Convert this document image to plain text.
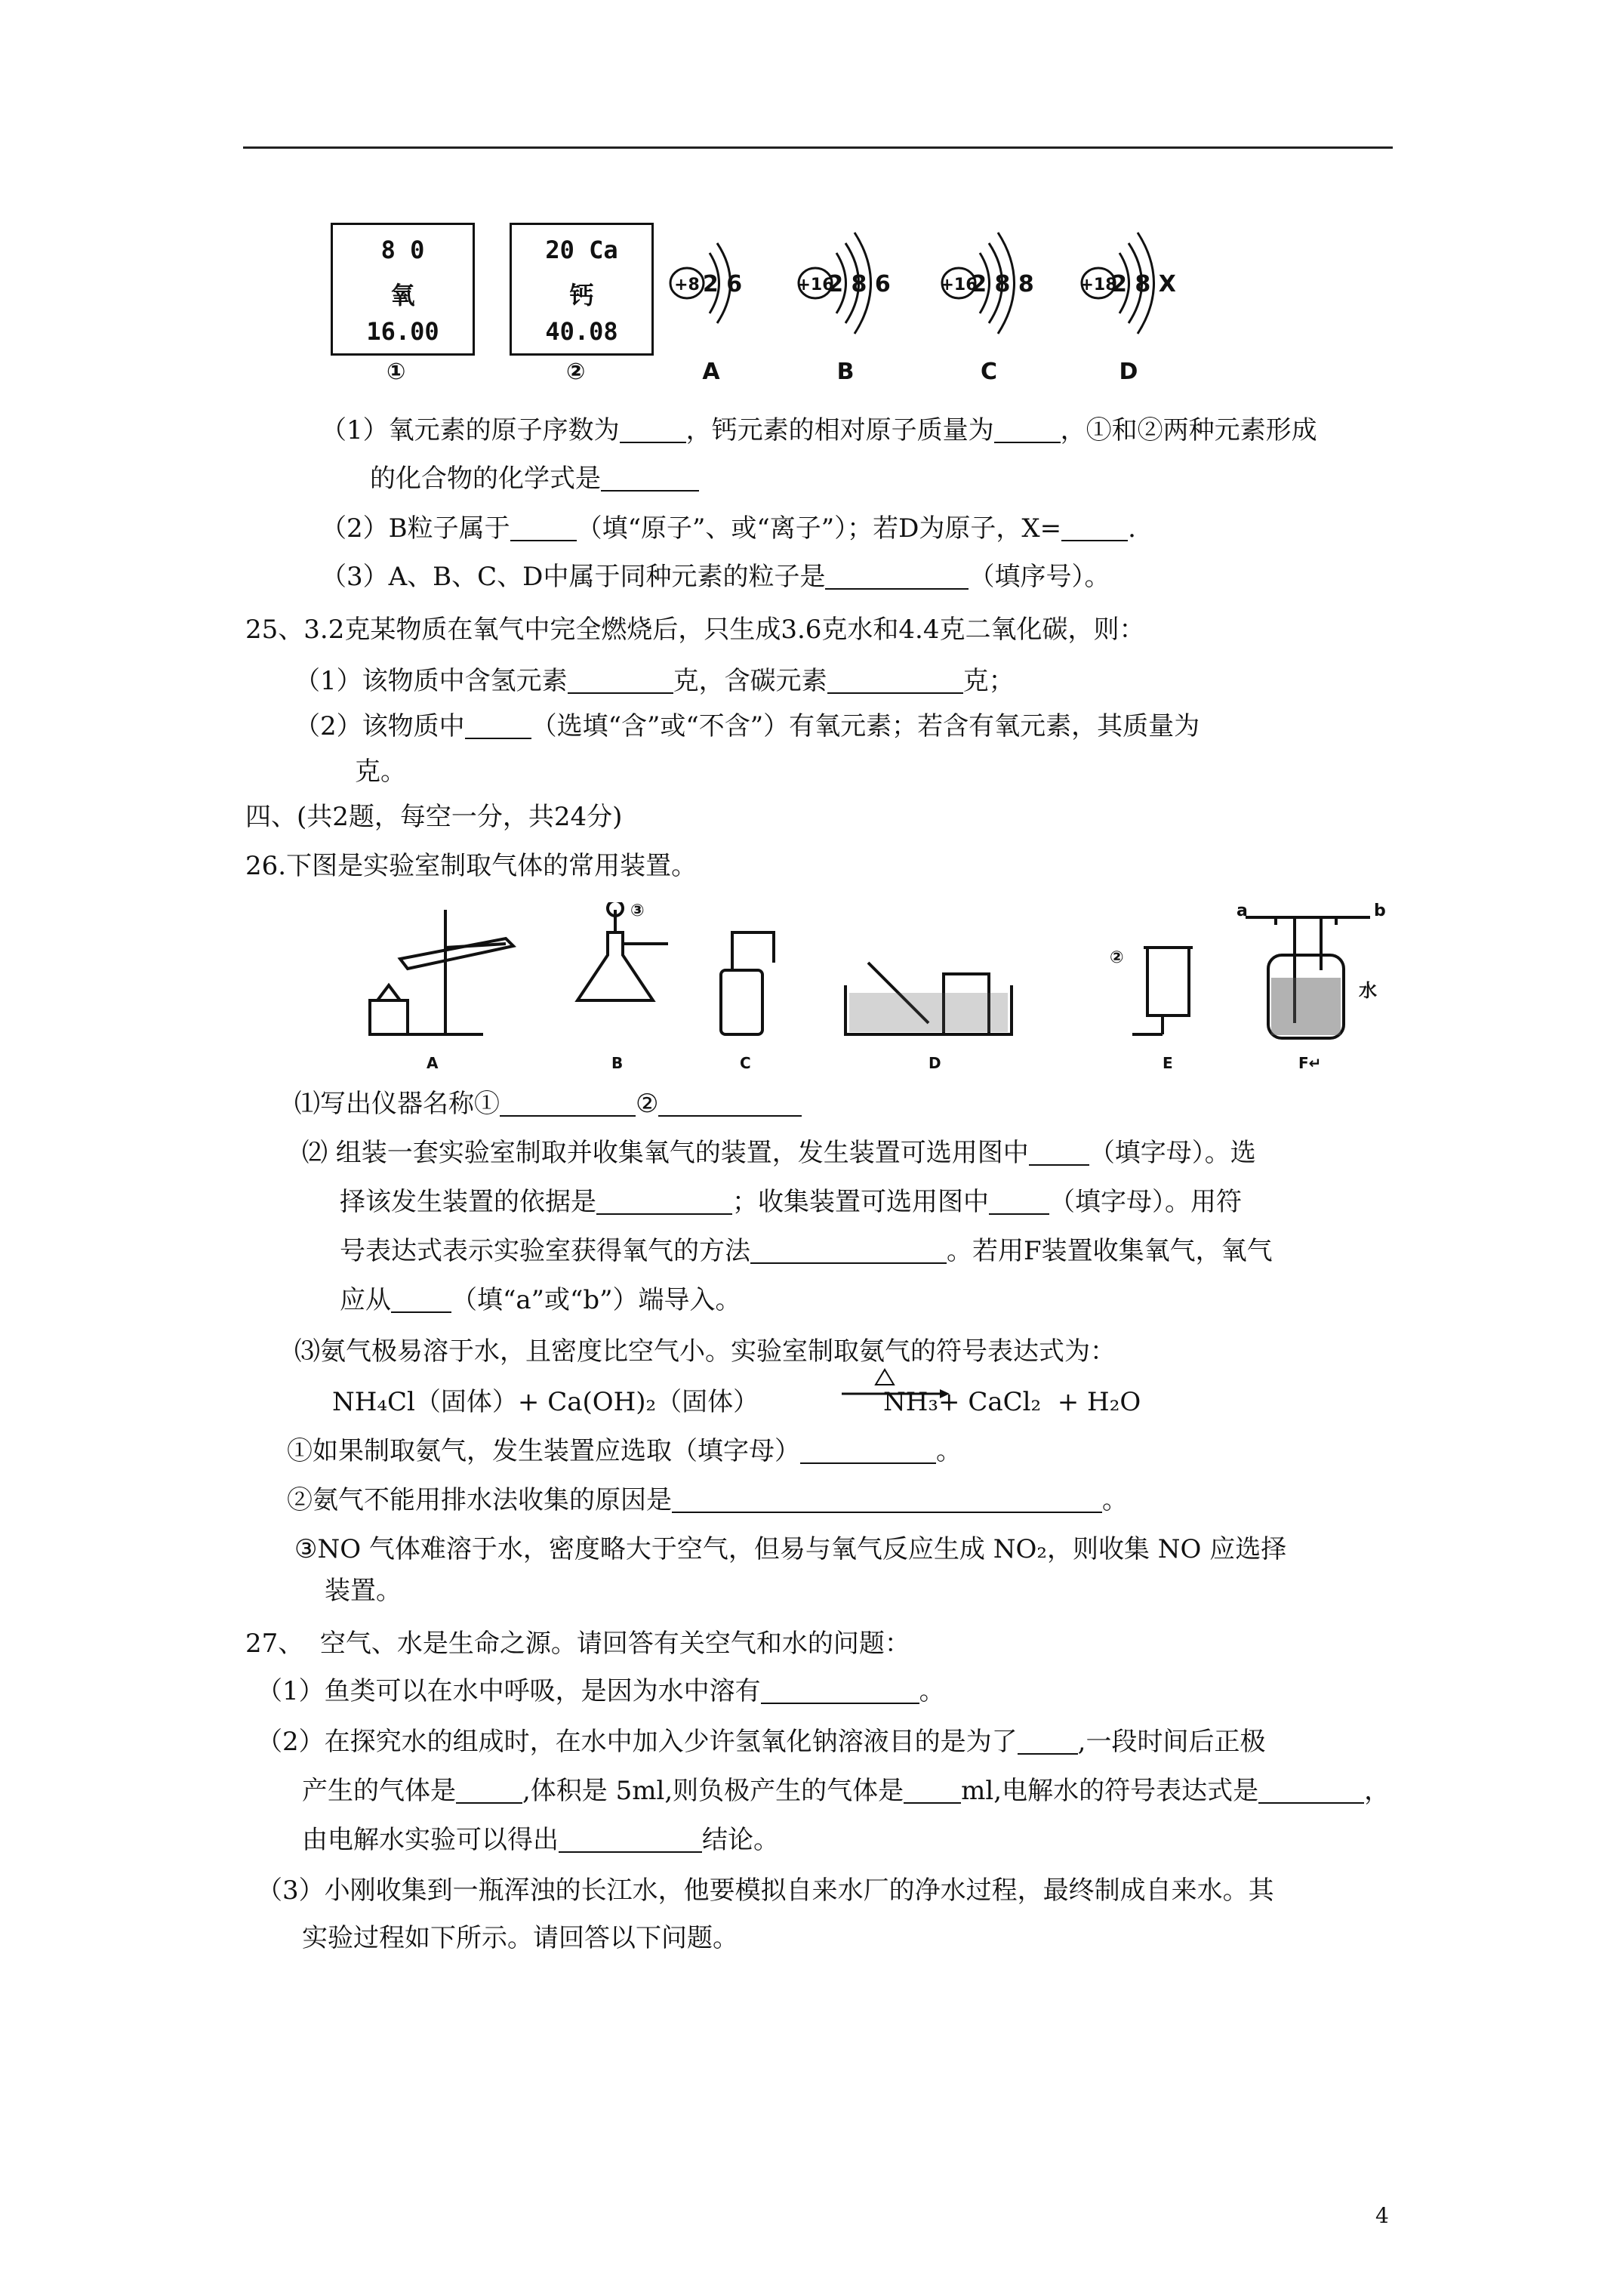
8 0
氧
16.00
①
20 Ca
钙
40.08
②
+8 2 6
A
+16
2 8 6
B
+16
2 8 8
C
+18
2 8 X
D
（1）氧元素的原子序数为	，钙元素的相对原子质量为	，①和②两种元素形成
的化合物的化学式是
（2）B粒子属于	（填“原子”、或“离子”）；若D为原子，X=	.
（3）A、B、C、D中属于同种元素的粒子是	（填序号）。
25、3.2克某物质在氧气中完全燃烧后，只生成3.6克水和4.4克二氧化碳，则：
（1）该物质中含氢元素	克，含碳元素	克；
（2）该物质中	（选填“含”或“不含”）有氧元素；若含有氧元素，其质量为
克。
四、(共2题，每空一分，共24分)
26.下图是实验室制取气体的常用装置。
A	B	C	D	E	F↵
③
②
a	b
水
⑴写出仪器名称①	②
⑵ 组装一套实验室制取并收集氧气的装置，发生装置可选用图中 （填字母）。选
择该发生装置的依据是	；收集装置可选用图中 （填字母）。用符
号表达式表示实验室获得氧气的方法	。若用F装置收集氧气，氧气
应从 （填“a”或“b”）端导入。
⑶氨气极易溶于水，且密度比空气小。实验室制取氨气的符号表达式为：
NH₄Cl（固体）+ Ca(OH)₂（固体）	NH₃+ CaCl₂  + H₂O
①如果制取氨气，发生装置应选取（填字母）	。
②氨气不能用排水法收集的原因是	。
③NO 气体难溶于水，密度略大于空气，但易与氧气反应生成 NO₂，则收集 NO 应选择
装置。
27、  空气、水是生命之源。请回答有关空气和水的问题：
（1）鱼类可以在水中呼吸，是因为水中溶有	。
（2）在探究水的组成时，在水中加入少许氢氧化钠溶液目的是为了 ,一段时间后正极
产生的气体是	,体积是 5ml,则负极产生的气体是 ml,电解水的符号表达式是	，
由电解水实验可以得出	结论。
（3）小刚收集到一瓶浑浊的长江水，他要模拟自来水厂的净水过程，最终制成自来水。其
实验过程如下所示。请回答以下问题。
4
